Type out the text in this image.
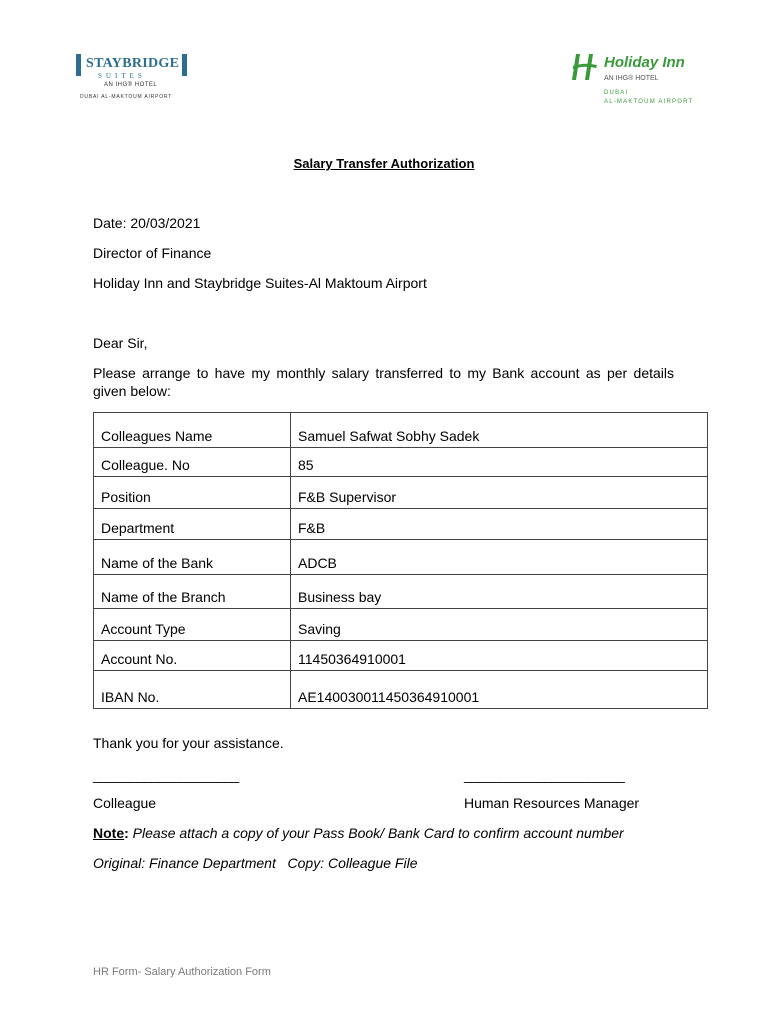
STAYBRIDGE
SUITES
AN IHG® HOTEL
DUBAI AL-MAKTOUM AIRPORT
Holiday Inn
AN IHG® HOTEL
DUBAI
AL-MAKTOUM AIRPORT
Salary Transfer Authorization
Date: 20/03/2021
Director of Finance
Holiday Inn and Staybridge Suites-Al Maktoum Airport
Dear Sir,
Please arrange to have my monthly salary transferred to my Bank account as per details given below:
Colleagues Name	Samuel Safwat Sobhy Sadek
Colleague. No	85
Position	F&B Supervisor
Department	F&B
Name of the Bank	ADCB
Name of the Branch	Business bay
Account Type	Saving
Account No.	11450364910001
IBAN No.	AE140030011450364910001
Thank you for your assistance.
____________________	______________________
Colleague	Human Resources Manager
Note: Please attach a copy of your Pass Book/ Bank Card to confirm account number
Original: Finance Department   Copy: Colleague File
HR Form- Salary Authorization Form
